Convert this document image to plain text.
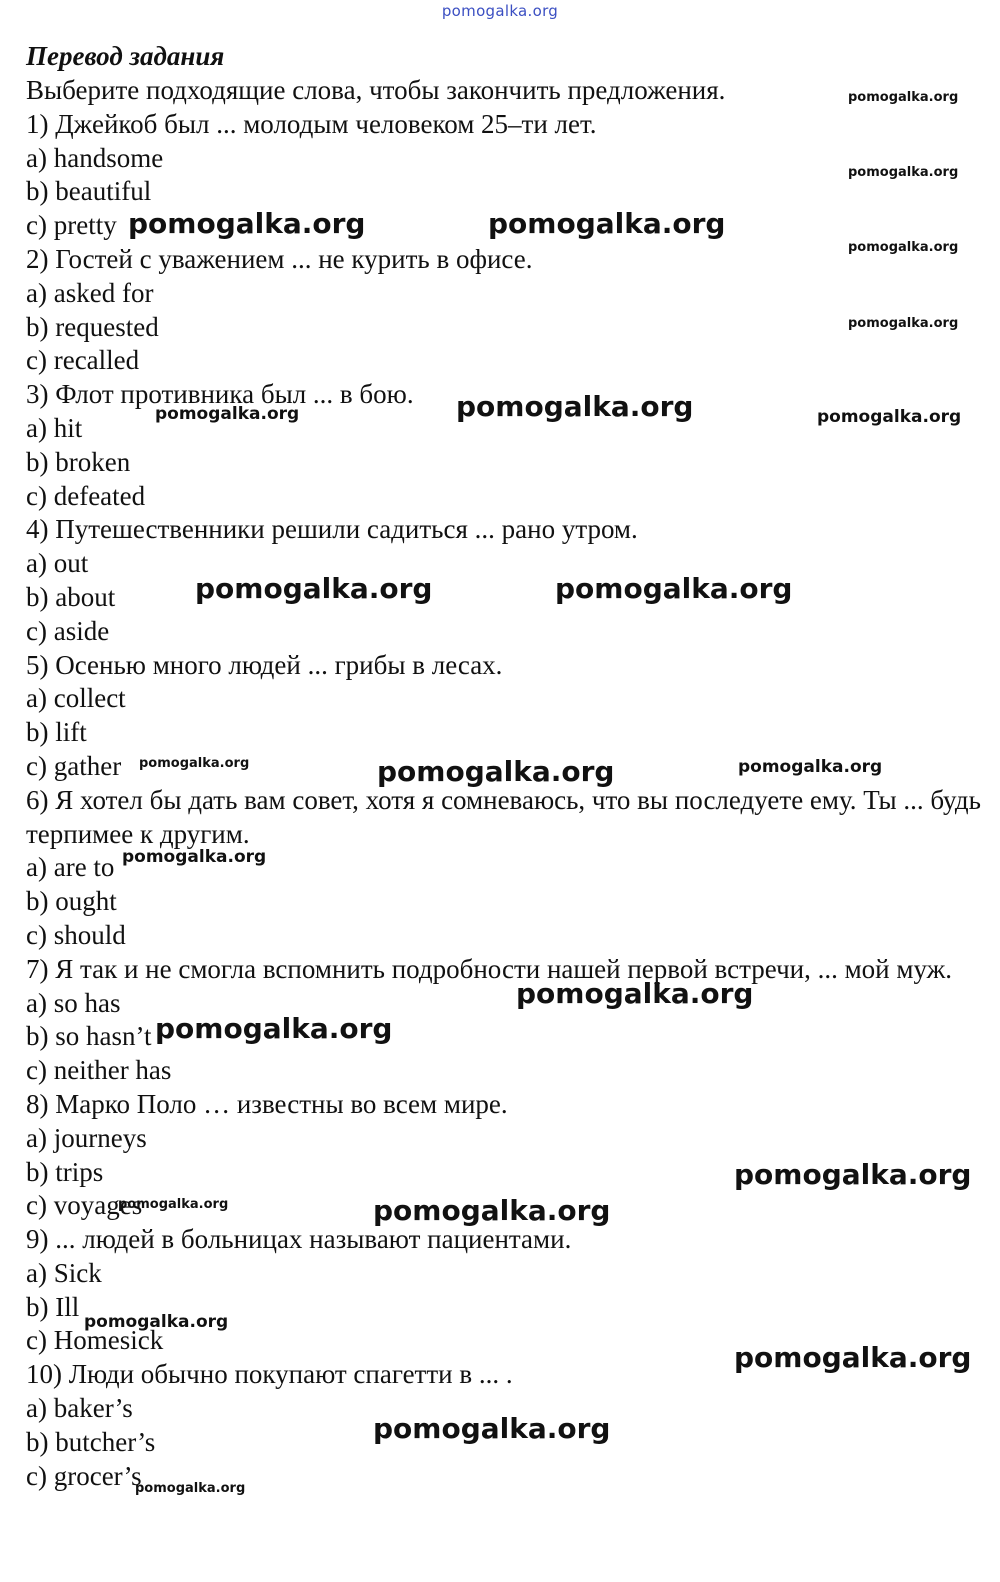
pomogalka.org

Перевод задания

Выберите подходящие слова, чтобы закончить предложения.

1) Джейкоб был ... молодым человеком 25–ти лет.

a) handsome

b) beautiful

c) pretty

2) Гостей с уважением ... не курить в офисе.

a) asked for

b) requested

c) recalled

3) Флот противника был ... в бою.

a) hit

b) broken

c) defeated

4) Путешественники решили садиться ... рано утром.

a) out

b) about

c) aside

5) Осенью много людей ... грибы в лесах.

a) collect

b) lift

c) gather

6) Я хотел бы дать вам совет, хотя я сомневаюсь, что вы последуете ему. Ты ... будь терпимее к другим.

a) are to

b) ought

c) should

7) Я так и не смогла вспомнить подробности нашей первой встречи, ... мой муж.

a) so has

b) so hasn’t

c) neither has

8) Марко Поло … известны во всем мире.

a) journeys

b) trips

c) voyages

9) ... людей в больницах называют пациентами.

a) Sick

b) Ill

c) Homesick

10) Люди обычно покупают спагетти в ... .

a) baker’s

b) butcher’s

c) grocer’s

pomogalka.org
pomogalka.org
pomogalka.org	pomogalka.org
pomogalka.org
pomogalka.org
pomogalka.org	pomogalka.org	pomogalka.org
pomogalka.org	pomogalka.org
pomogalka.org	pomogalka.org	pomogalka.org
pomogalka.org
pomogalka.org
pomogalka.org
pomogalka.org
pomogalka.org	pomogalka.org
pomogalka.org
pomogalka.org
pomogalka.org
pomogalka.org
